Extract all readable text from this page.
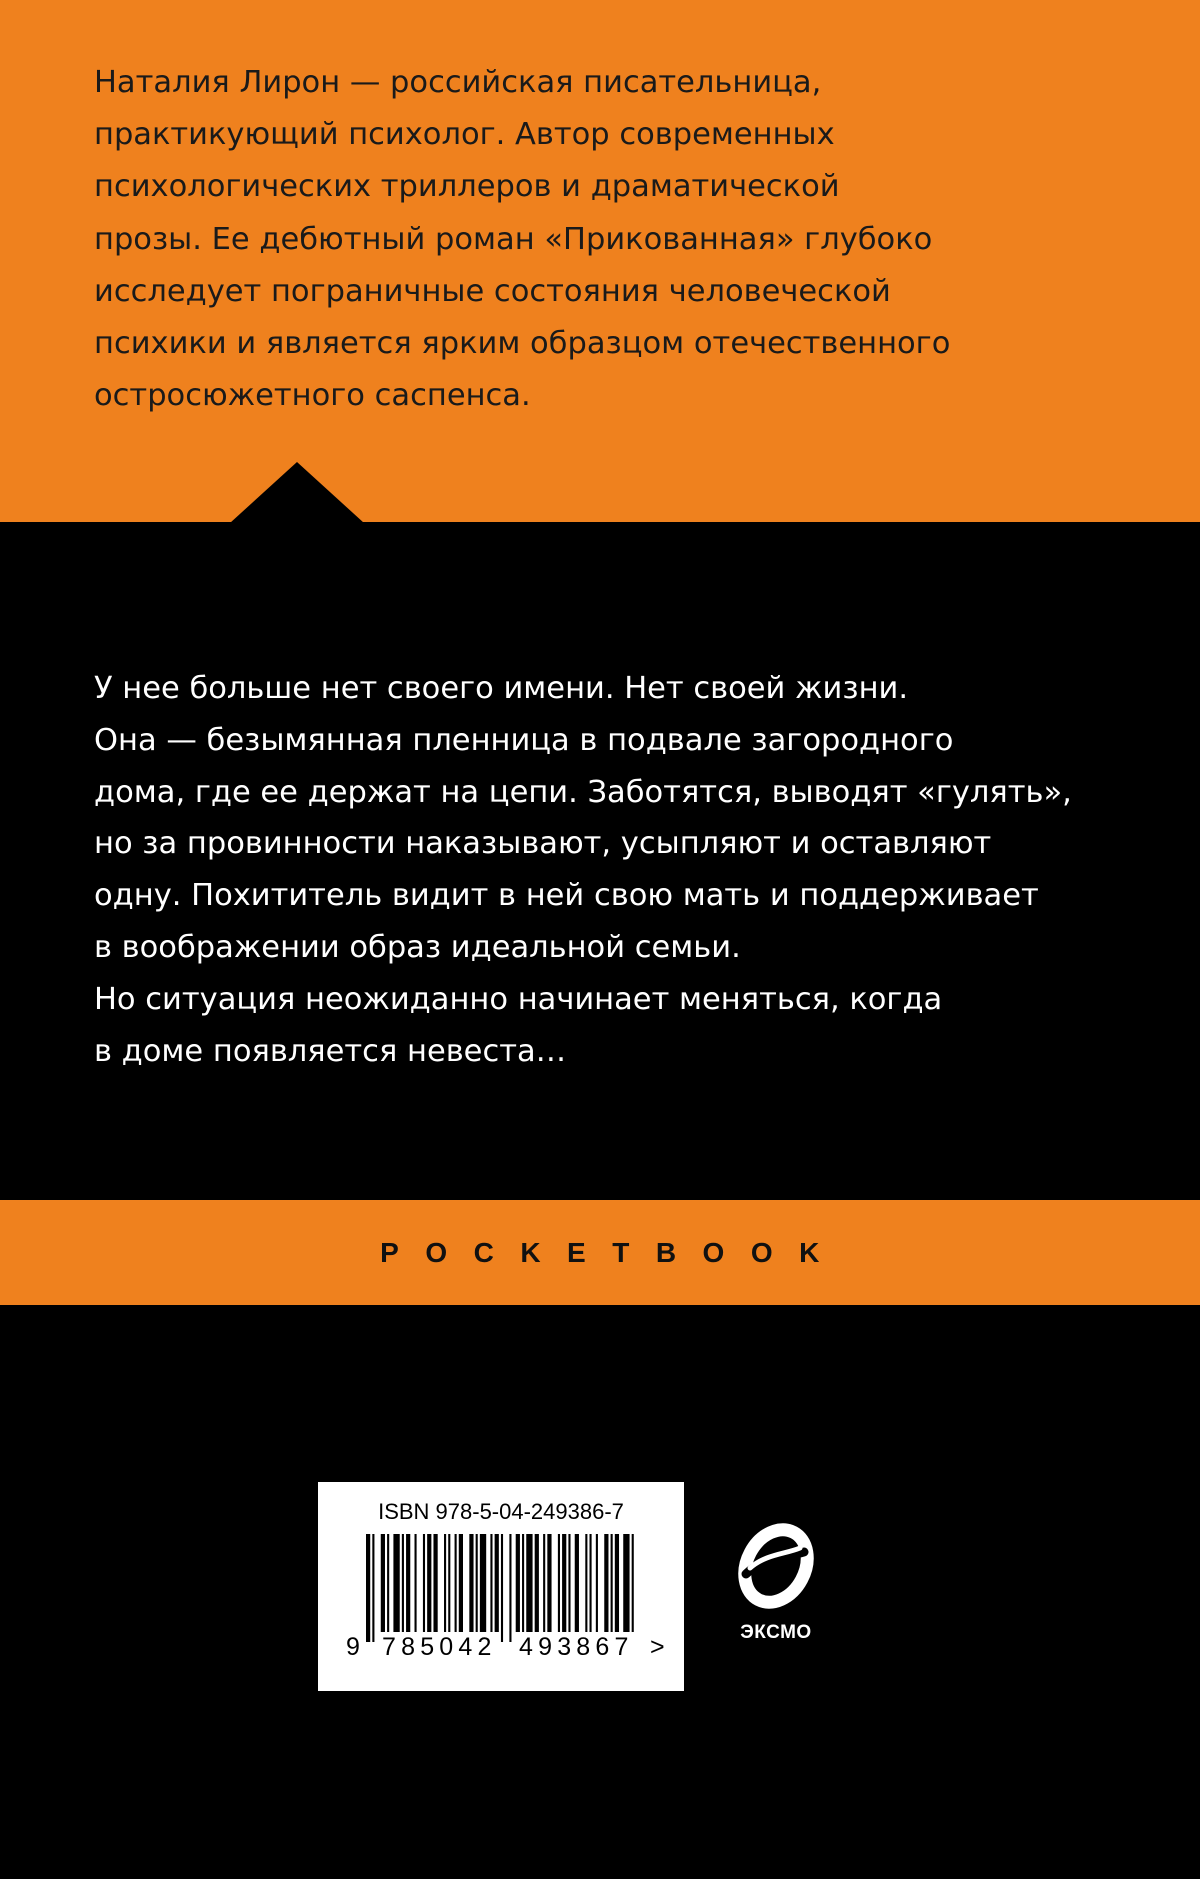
Наталия Лирон — российская писательница,
практикующий психолог. Автор современных
психологических триллеров и драматической
прозы. Ее дебютный роман «Прикованная» глубоко
исследует пограничные состояния человеческой
психики и является ярким образцом отечественного
остросюжетного саспенса.
У нее больше нет своего имени. Нет своей жизни.
Она — безымянная пленница в подвале загородного
дома, где ее держат на цепи. Заботятся, выводят «гулять»,
но за провинности наказывают, усыпляют и оставляют
одну. Похититель видит в ней свою мать и поддерживает
в воображении образ идеальной семьи.
Но ситуация неожиданно начинает меняться, когда
в доме появляется невеста…
POCKETBOOK
ISBN 978-5-04-249386-7
9 785042 493867 >
ЭКСМО
